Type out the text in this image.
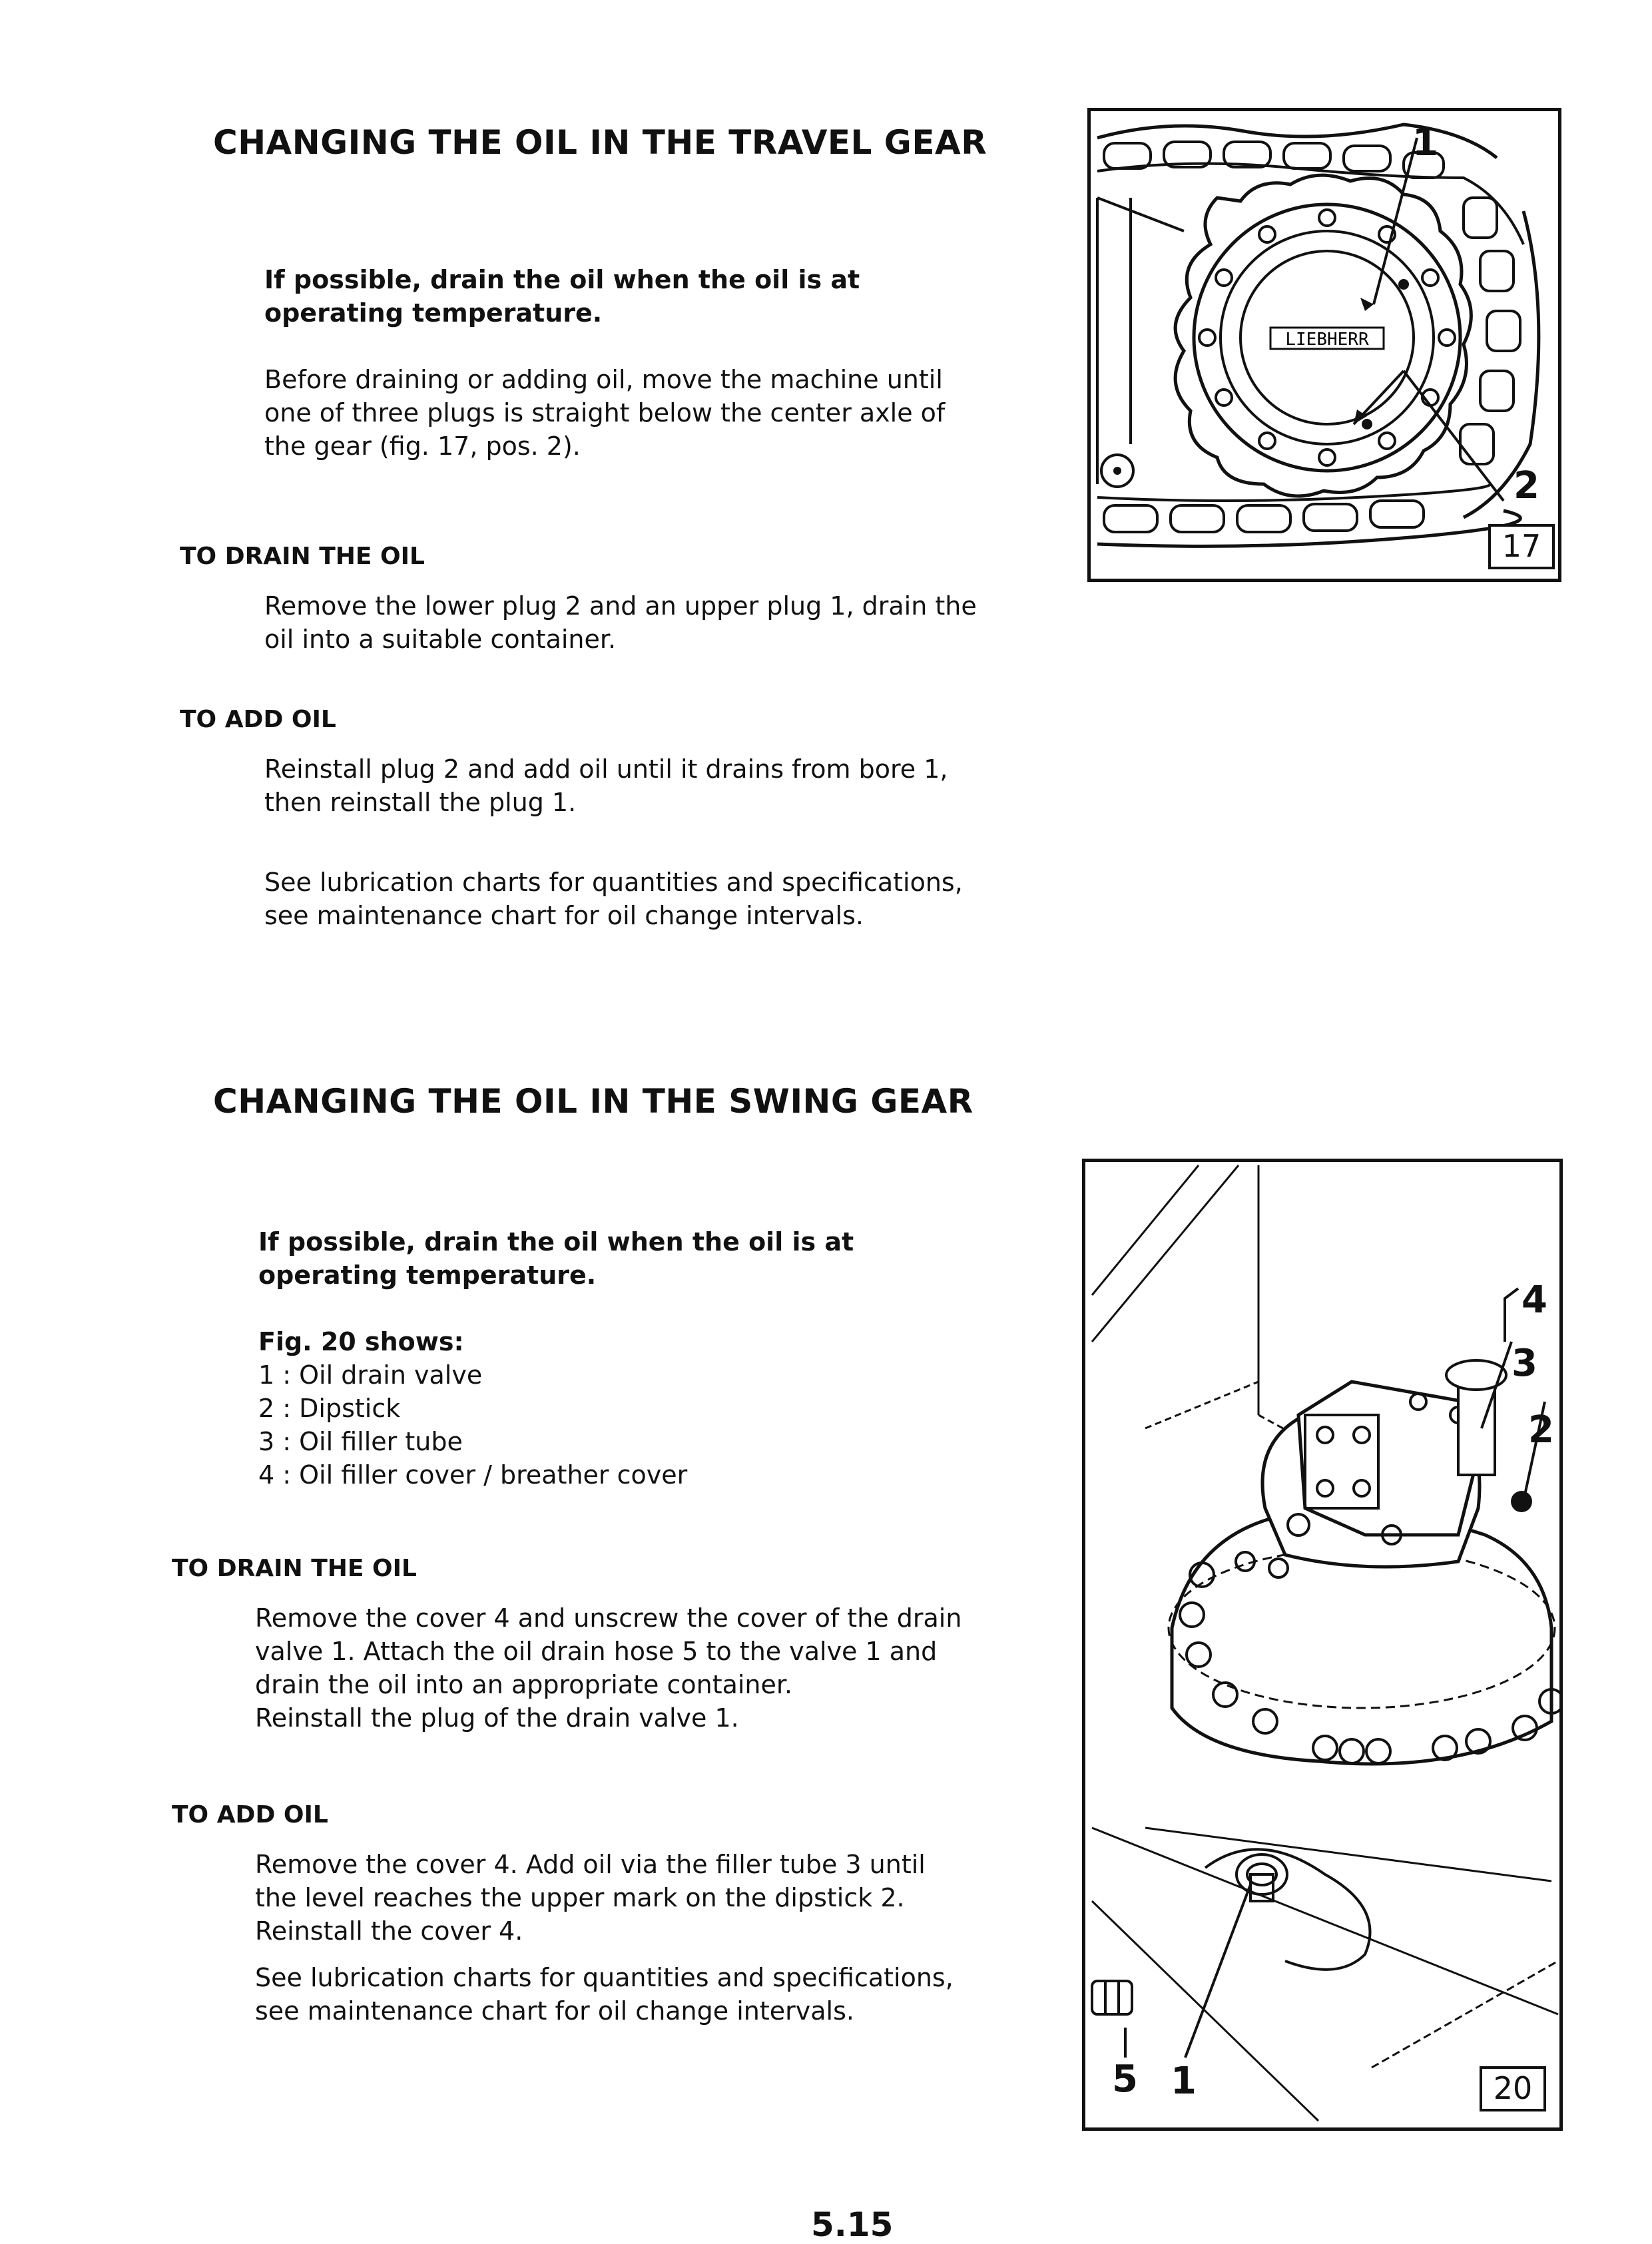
CHANGING THE OIL IN THE TRAVEL GEAR
If possible, drain the oil when the oil is at operating temperature.
Before draining or adding oil, move the machine until one of three plugs is straight below the center axle of the gear (fig. 17, pos. 2).
TO DRAIN THE OIL
Remove the lower plug 2 and an upper plug 1, drain the oil into a suitable container.
TO ADD OIL
Reinstall plug 2 and add oil until it drains from bore 1, then reinstall the plug 1.
See lubrication charts for quantities and specifications, see maintenance chart for oil change intervals.
LIEBHERR
1
2
17
CHANGING THE OIL IN THE SWING GEAR
If possible, drain the oil when the oil is at operating temperature.
Fig. 20 shows:
1 : Oil drain valve
2 : Dipstick
3 : Oil filler tube
4 : Oil filler cover / breather cover
TO DRAIN THE OIL
Remove the cover 4 and unscrew the cover of the drain valve 1. Attach the oil drain hose 5 to the valve 1 and drain the oil into an appropriate container.
Reinstall the plug of the drain valve 1.
TO ADD OIL
Remove the cover 4. Add oil via the filler tube 3 until the level reaches the upper mark on the dipstick 2. Reinstall the cover 4.
See lubrication charts for quantities and specifications, see maintenance chart for oil change intervals.
4
3
2
5 1	20
5.15
